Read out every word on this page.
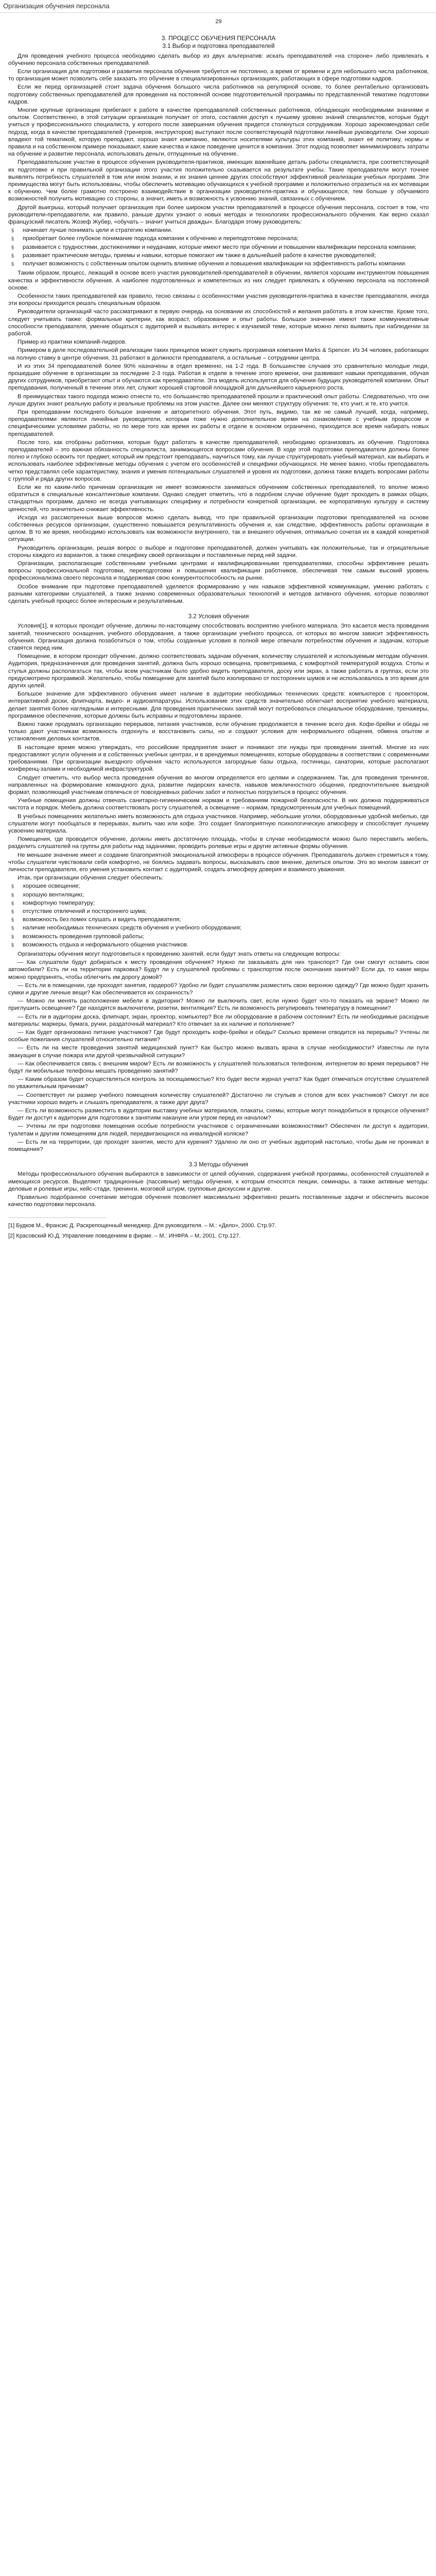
Организация обучения персонала
29
3. ПРОЦЕСС ОБУЧЕНИЯ ПЕРСОНАЛА
3.1 Выбор и подготовка преподавателей

Для проведения учебного процесса необходимо сделать выбор из двух альтернатив: искать преподавателей «на стороне» либо привлекать к обучению персонала собственных преподавателей.

Если организация для подготовки и развития персонала обучения требуется не постоянно, а время от времени и для небольшого числа работников, то организация может позволить себе заказать это обучение в специализированных организациях, работающих в сфере подготовки кадров.

Если же перед организацией стоит задача обучения большого числа работников на регулярной основе, то более рентабельно организовать подготовку собственных преподавателей для проведения на постоянной основе подготовительной программы по представленной тематике подготовки кадров.

Многие крупные организации прибегают к работе в качестве преподавателей собственных работников, обладающих необходимыми знаниями и опытом. Соответственно, в этой ситуации организация получает от этого, составляя доступ к лучшему уровню знаний специалистов, которые будут учиться у профессионального специалиста, у которого после завершения обучения придется столкнуться сотрудникам. Хорошо зарекомендовал себя подход, когда в качестве преподавателей (тренеров, инструкторов) выступают после соответствующей подготовки линейные руководители. Они хорошо владеют той тематикой, которую преподают, хорошо знают компанию, являются носителями культуры этих компаний, знают её политику, нормы и правила и на собственном примере показывают, какие качества и какое поведение ценится в компании. Этот подход позволяет минимизировать затраты на обучение и развитие персонала, использовать деньги, отпущенные на обучение.

Преподавательские участие в процессе обучения руководителя-практиков, имеющих важнейшее деталь работы специалиста, при соответствующей их подготовке и при правильной организации этого участия положительно сказывается на результате учебы. Такие преподаватели могут точнее выявлять потребность слушателей в том или ином знании, и их знания ценнее других способствуют эффективной реализации учебных программ. Эти преимущества могут быть использованы, чтобы обеспечить мотивацию обучающихся к учебной программе и положительно отразиться на их мотивации к обучению. Чем более грамотно построено взаимодействие в организации руководителя-практика и обучающегося, тем больше у обучаемого возможностей получить мотивацию со стороны, а значит, иметь и возможность к усвоению знаний, связанных с обучением.

Другой выигрыш, который получает организация при более широком участии преподавателей в процессе обучения персонала, состоит в том, что руководители-преподаватели, как правило, раньше других узнают о новых методах и технологиях профессионального обучения. Как верно сказал французский писатель Жозеф Жубер, «обучать – значит учиться дважды». Благодаря этому руководитель:

§ начинает лучше понимать цели и стратегию компании.
§ приобретает более глубокое понимание подхода компании к обучению и переподготовке персонала;
§ развивается с трудностями, достижениями и неудачами, которые имеют место при обучении и повышении квалификации персонала компании;
§ развивает практические методы, приемы и навыки, которые помогают им также в дальнейшей работе в качестве руководителей;
§ получает возможность с собственным опытом оценить влияние обучения и повышения квалификации на эффективность работы компании.

Таким образом, процесс, лежащий в основе всего участия руководителей-преподавателей в обучении, является хорошим инструментом повышения качества и эффективности обучения. А наиболее подготовленных и компетентных из них следует привлекать к обучению персонала на постоянной основе.

Особенности таких преподавателей как правило, тесно связаны с особенностями участия руководителя-практика в качестве преподавателя, иногда эти вопросы приходится решать специальным образом.

Руководители организаций часто рассматривают в первую очередь на основании их способностей и желания работать в этом качестве. Кроме того, следует учитывать также: формальные критерии, как возраст, образование и опыт работы. Большое значение имеют также коммуникативные способности преподавателя, умение общаться с аудиторией и вызывать интерес к изучаемой теме, которые можно легко выявить при наблюдении за работой.

Пример из практики компаний-лидеров.

Примером в деле последовательной реализации таких принципов может служить програмная компания Marks & Spencer. Из 34 человек, работающих на полную ставку в центре обучения, 31 работают в должности преподавателя, а остальные – сотрудники центра.

И из этих 34 преподавателей более 90% назначены в отдел временно, на 1-2 года. В большинстве случаев это сравнительно молодые люди, прошедшие обучение в организации за последние 2-3 года. Работая в отделе в течение этого времени, они развивают навыки преподавания, обучая других сотрудников, приобретают опыт и обучаются как преподаватели. Эта модель используется для обучения будущих руководителей компании. Опыт преподавания, полученный в течение этих лет, служит хорошей стартовой площадкой для дальнейшего карьерного роста.

В преимуществах такого подхода можно отнести то, что большинство преподавателей прошли и практический опыт работы. Следовательно, что они лучше других знают реальную работу и реальные проблемы на этом участке. Далее они меняют структуру обучения: те, кто учит, и те, кто учится.

При преподавании последнего большое значение и авторитетного обучения. Этот путь, видимо, так же не самый лучший, когда, например, преподавателями являются линейные руководители, которым тоже нужно дополнительное время на ознакомление с учебным процессом и специфическими условиями работы, но по мере того как время их работы в отделе в основном ограничено, приходится все время набирать новых преподавателей.

После того, как отобраны работники, которые будут работать в качестве преподавателей, необходимо организовать их обучение. Подготовка преподавателей – это важная обязанность специалиста, занимающегося вопросами обучения. В ходе этой подготовки преподаватели должны более полно и глубоко освоить тот предмет, который им предстоит преподавать, научиться тому, как лучше структурировать учебный материал, как выбирать и использовать наиболее эффективные методы обучения с учетом его особенностей и специфики обучающихся. Не менее важно, чтобы преподаватель четко представлял себе характеристику, знания и умения потенциальных слушателей и уровня их подготовки, должна также владеть вопросами работы с группой и ряда других вопросов.

Если же по каким-либо причинам организация не имеет возможности заниматься обучением собственных преподавателей, то вполне можно обратиться в специальные консалтинговые компании. Однако следует отметить, что в подобном случае обучение будет проходить в рамках общих, стандартных программ, далеко не всегда учитывающих специфику и потребности конкретной организации, ее корпоративную культуру и систему ценностей, что значительно снижает эффективность.

Исходя из рассмотренных выше вопросов можно сделать вывод, что при правильной организации подготовки преподавателей на основе собственных ресурсов организации, существенно повышается результативность обучения и, как следствие, эффективность работы организации в целом. В то же время, необходимо использовать как возможности внутреннего, так и внешнего обучения, оптимально сочетая их в каждой конкретной ситуации.

Руководитель организации, решая вопрос о выборе и подготовке преподавателей, должен учитывать как положительные, так и отрицательные стороны каждого из вариантов, а также специфику своей организации и поставленные перед ней задачи.

Организации, располагающие собственными учебными центрами и квалифицированными преподавателями, способны эффективнее решать вопросы профессиональной подготовки, переподготовки и повышения квалификации работников, обеспечивая тем самым высокий уровень профессионализма своего персонала и поддерживая свою конкурентоспособность на рынке.

Особое внимание при подготовке преподавателей уделяется формированию у них навыков эффективной коммуникации, умению работать с разными категориями слушателей, а также знанию современных образовательных технологий и методов активного обучения, которые позволяют сделать учебный процесс более интересным и результативным.

3.2 Условия обучения

Условия[1], в которых проходит обучение, должны по-настоящему способствовать восприятию учебного материала. Это касается места проведения занятий, технического оснащения, учебного оборудования, а также организации учебного процесса, от которых во многом зависит эффективность обучения. Организация должна позаботиться о том, чтобы созданные условия в полной мере отвечали потребностям обучения и задачам, которые ставятся перед ним.

Помещение, в котором проходит обучение, должно соответствовать задачам обучения, количеству слушателей и используемым методам обучения. Аудитория, предназначенная для проведения занятий, должна быть хорошо освещена, проветриваема, с комфортной температурой воздуха. Столы и стулья должны располагаться так, чтобы всем участникам было удобно видеть преподавателя, доску или экран, а также работать в группах, если это предусмотрено программой. Желательно, чтобы помещение для занятий было изолировано от посторонних шумов и не использовалось в это время для других целей.

Большое значение для эффективного обучения имеет наличие в аудитории необходимых технических средств: компьютеров с проектором, интерактивной доски, флипчарта, видео- и аудиоаппаратуры. Использование этих средств значительно облегчает восприятие учебного материала, делает занятия более наглядными и интересными. Для проведения практических занятий могут потребоваться специальное оборудование, тренажеры, программное обеспечение, которые должны быть исправны и подготовлены заранее.

Важно также продумать организацию перерывов, питания участников, если обучение продолжается в течение всего дня. Кофе-брейки и обеды не только дают участникам возможность отдохнуть и восстановить силы, но и создают условия для неформального общения, обмена опытом и установления деловых контактов.

В настоящее время можно утверждать, что российские предприятия знают и понимают эти нужды при проведении занятий. Многие из них предоставляют услуги обучения и в собственных учебных центрах, и в арендуемых помещениях, которые оборудованы в соответствии с современными требованиями. При организации выездного обучения часто используются загородные базы отдыха, гостиницы, санатории, которые располагают конференц-залами и необходимой инфраструктурой.

Следует отметить, что выбор места проведения обучения во многом определяется его целями и содержанием. Так, для проведения тренингов, направленных на формирование командного духа, развитие лидерских качеств, навыков межличностного общения, предпочтительнее выездной формат, позволяющий участникам отвлечься от повседневных рабочих забот и полностью погрузиться в процесс обучения.

Учебные помещения должны отвечать санитарно-гигиеническим нормам и требованиям пожарной безопасности. В них должна поддерживаться чистота и порядок. Мебель должна соответствовать росту слушателей, а освещение – нормам, предусмотренным для учебных помещений.

В учебных помещениях желательно иметь возможность для отдыха участников. Например, небольшие уголки, оборудованные удобной мебелью, где слушатели могут пообщаться в перерывах, выпить чаю или кофе. Это создает благоприятную психологическую атмосферу и способствует лучшему усвоению материала.

Помещения, где проводится обучение, должны иметь достаточную площадь, чтобы в случае необходимости можно было переставить мебель, разделить слушателей на группы для работы над заданиями, проводить ролевые игры и другие активные формы обучения.

Не меньшее значение имеет и создание благоприятной эмоциональной атмосферы в процессе обучения. Преподаватель должен стремиться к тому, чтобы слушатели чувствовали себя комфортно, не боялись задавать вопросы, высказывать свое мнение, делиться опытом. Это во многом зависит от личности преподавателя, его умения установить контакт с аудиторией, создать атмосферу доверия и взаимного уважения.

Итак, при организации обучения следует обеспечить:

§ хорошее освещение;
§ хорошую вентиляцию;
§ комфортную температуру;
§ отсутствие отвлечений и постороннего шума;
§ возможность без помех слушать и видеть преподавателя;
§ наличие необходимых технических средств обучения и учебного оборудования;
§ возможность проведения групповой работы;
§ возможность отдыха и неформального общения участников.

Организаторы обучения могут подготовиться к проведению занятий, если будут знать ответы на следующие вопросы:

— Как слушатели будут добираться к месту проведения обучения? Нужно ли заказывать для них транспорт? Где они смогут оставить свои автомобили? Есть ли на территории парковка? Будут ли у слушателей проблемы с транспортом после окончания занятий? Если да, то какие меры можно предпринять, чтобы облегчить им дорогу домой?

— Есть ли в помещении, где проходят занятия, гардероб? Удобно ли будет слушателям разместить свою верхнюю одежду? Где можно будет хранить сумки и другие личные вещи? Как обеспечивается их сохранность?

— Можно ли менять расположение мебели в аудитории? Можно ли выключить свет, если нужно будет что-то показать на экране? Можно ли приглушить освещение? Где находятся выключатели, розетки, вентиляция? Есть ли возможность регулировать температуру в помещении?

— Есть ли в аудитории доска, флипчарт, экран, проектор, компьютер? Все ли оборудование в рабочем состоянии? Есть ли необходимые расходные материалы: маркеры, бумага, ручки, раздаточный материал? Кто отвечает за их наличие и пополнение?

— Как будет организовано питание участников? Где будут проходить кофе-брейки и обеды? Сколько времени отводится на перерывы? Учтены ли особые пожелания слушателей относительно питания?

— Есть ли на месте проведения занятий медицинский пункт? Как быстро можно вызвать врача в случае необходимости? Известны ли пути эвакуации в случае пожара или другой чрезвычайной ситуации?

— Как обеспечивается связь с внешним миром? Есть ли возможность у слушателей пользоваться телефоном, интернетом во время перерывов? Не будут ли мобильные телефоны мешать проведению занятий?

— Каким образом будет осуществляться контроль за посещаемостью? Кто будет вести журнал учета? Как будет отмечаться отсутствие слушателей по уважительным причинам?

— Соответствует ли размер учебного помещения количеству слушателей? Достаточно ли стульев и столов для всех участников? Смогут ли все участники хорошо видеть и слышать преподавателя, а также друг друга?

— Есть ли возможность разместить в аудитории выставку учебных материалов, плакаты, схемы, которые могут понадобиться в процессе обучения? Будет ли доступ к аудитории для подготовки к занятиям накануне или утром перед их началом?

— Учтены ли при подготовке помещения особые потребности участников с ограниченными возможностями? Обеспечен ли доступ к аудитории, туалетам и другим помещениям для людей, передвигающихся на инвалидной коляске?

— Есть ли на территории, где проходят занятия, место для курения? Удалено ли оно от учебных аудиторий настолько, чтобы дым не проникал в помещения?

3.3 Методы обучения

Методы профессионального обучения выбираются в зависимости от целей обучения, содержания учебной программы, особенностей слушателей и имеющихся ресурсов. Выделяют традиционные (пассивные) методы обучения, к которым относятся лекции, семинары, а также активные методы: деловые и ролевые игры, кейс-стади, тренинги, мозговой штурм, групповые дискуссии и другие.

Правильно подобранное сочетание методов обучения позволяет максимально эффективно решить поставленные задачи и обеспечить высокое качество подготовки персонала.

[1] Будков М., Франсис Д. Раскрепощенный менеджер. Для руководителя. – М.: «Дело», 2000. Стр.97.

[2] Красовский Ю.Д. Управление поведением в фирме. – М.: ИНФРА – М, 2001. Стр.127.
